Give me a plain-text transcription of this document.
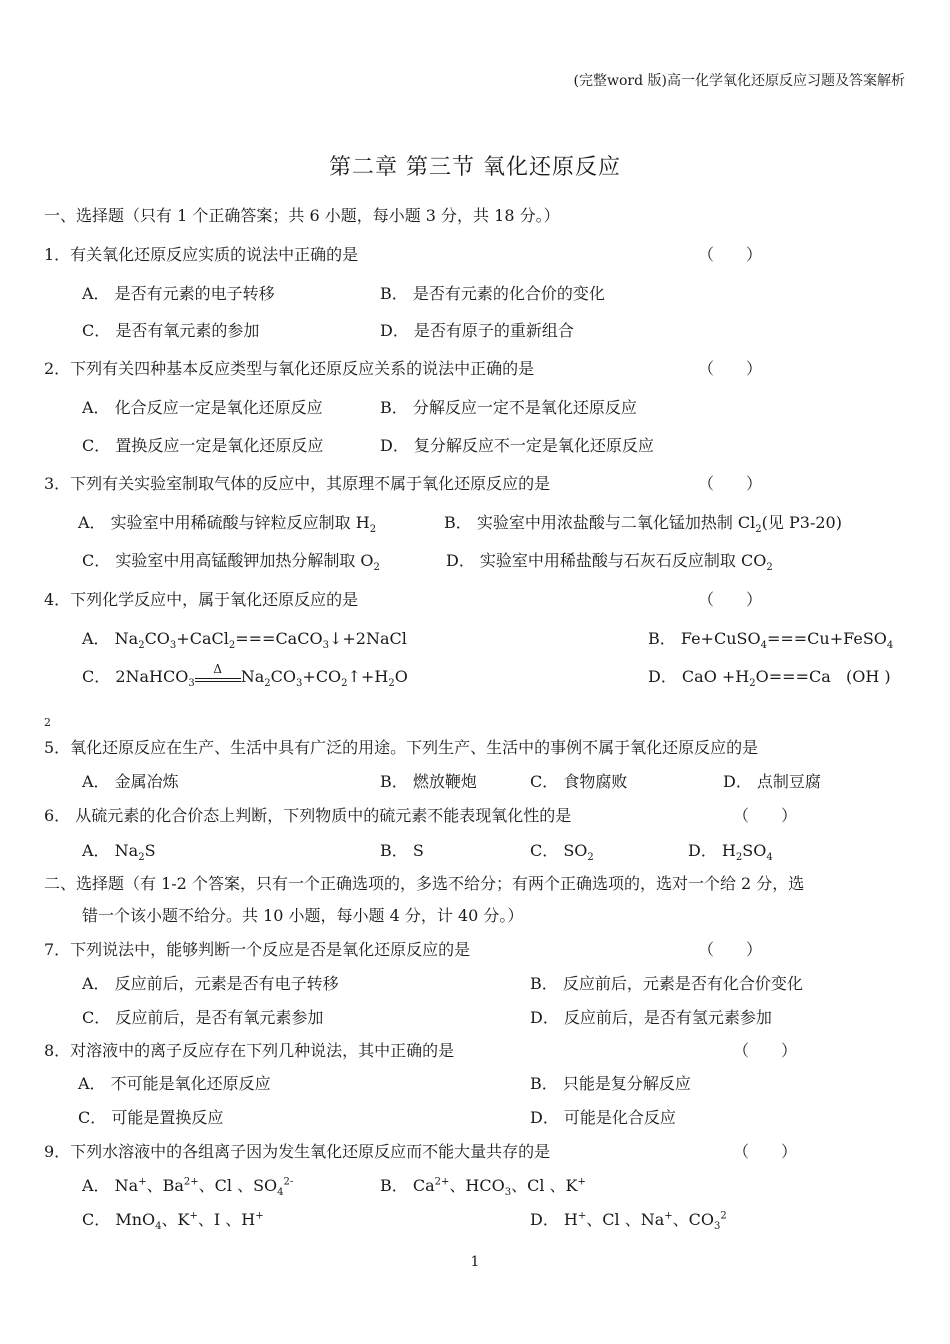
(完整word 版)高一化学氧化还原反应习题及答案解析
第二章 第三节 氧化还原反应
一、选择题（只有 1 个正确答案；共 6 小题，每小题 3 分，共 18 分。）
1．有关氧化还原反应实质的说法中正确的是	（　　）
A． 是否有元素的电子转移	B． 是否有元素的化合价的变化
C． 是否有氧元素的参加	D． 是否有原子的重新组合
2．下列有关四种基本反应类型与氧化还原反应关系的说法中正确的是	（　　）
A． 化合反应一定是氧化还原反应	B． 分解反应一定不是氧化还原反应
C． 置换反应一定是氧化还原反应	D． 复分解反应不一定是氧化还原反应
3．下列有关实验室制取气体的反应中，其原理不属于氧化还原反应的是	（　　）
A． 实验室中用稀硫酸与锌粒反应制取 $H_2$	B． 实验室中用浓盐酸与二氧化锰加热制 $Cl_2$(见 P3-20)
C． 实验室中用高锰酸钾加热分解制取 $O_2$	D． 实验室中用稀盐酸与石灰石反应制取 $CO_2$
4．下列化学反应中，属于氧化还原反应的是	（　　）
A． $Na_2CO_3+CaCl_2===CaCO_3↓+2NaCl$	B． Fe+CuSO$_4$===Cu+FeSO$_4$
C． 2NaHCO$_3$
Δ	$Na_2CO_3+CO_2↑+H_2O$	D． CaO $+H_2O===Ca$ (OH )
2
5．氧化还原反应在生产、生活中具有广泛的用途。下列生产、生活中的事例不属于氧化还原反应的是
A． 金属冶炼	B． 燃放鞭炮	C． 食物腐败	D． 点制豆腐
6． 从硫元素的化合价态上判断，下列物质中的硫元素不能表现氧化性的是	（　　）
A． $Na_2S$	B． S	C． $SO_2$	D． $H_2SO_4$
二、选择题（有 1-2 个答案，只有一个正确选项的，多选不给分；有两个正确选项的，选对一个给 2 分，选
错一个该小题不给分。共 10 小题，每小题 4 分，计 40 分。）
7．下列说法中，能够判断一个反应是否是氧化还原反应的是	（　　）
A． 反应前后，元素是否有电子转移	B． 反应前后，元素是否有化合价变化
C． 反应前后，是否有氧元素参加	D． 反应前后，是否有氢元素参加
8．对溶液中的离子反应存在下列几种说法，其中正确的是	（　　）
A． 不可能是氧化还原反应	B． 只能是复分解反应
C． 可能是置换反应	D． 可能是化合反应
9．下列水溶液中的各组离子因为发生氧化还原反应而不能大量共存的是	（　　）
A． Na+、$Ba^{2+}$、Cl 、$SO_4^{2-}$	B． $Ca^{2+}$、$HCO_3$、Cl 、K+
C． MnO$_4$、K+、I 、H+	D． H+、Cl 、Na+、$CO_3^2$
1
